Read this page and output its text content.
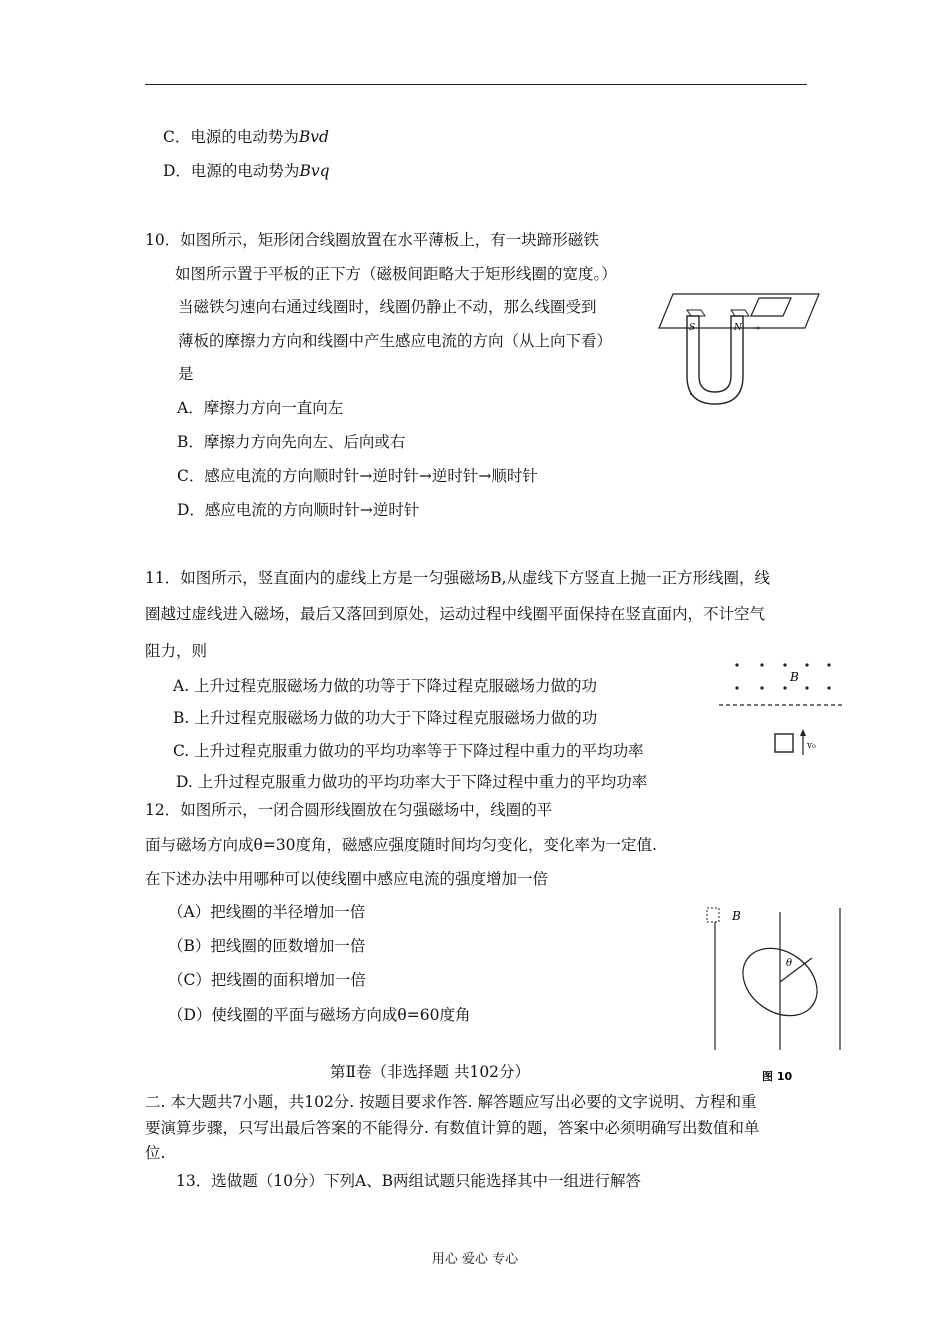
C．电源的电动势为Bvd
D．电源的电动势为Bvq
10．如图所示，矩形闭合线圈放置在水平薄板上，有一块蹄形磁铁
如图所示置于平板的正下方（磁极间距略大于矩形线圈的宽度。）
当磁铁匀速向右通过线圈时，线圈仍静止不动，那么线圈受到
薄板的摩擦力方向和线圈中产生感应电流的方向（从上向下看）
是
A．摩擦力方向一直向左
B．摩擦力方向先向左、后向或右
C．感应电流的方向顺时针→逆时针→逆时针→顺时针
D．感应电流的方向顺时针→逆时针
S	N →
11．如图所示，竖直面内的虚线上方是一匀强磁场B,从虚线下方竖直上抛一正方形线圈，线
圈越过虚线进入磁场，最后又落回到原处，运动过程中线圈平面保持在竖直面内，不计空气
阻力，则
A. 上升过程克服磁场力做的功等于下降过程克服磁场力做的功
B. 上升过程克服磁场力做的功大于下降过程克服磁场力做的功
C. 上升过程克服重力做功的平均功率等于下降过程中重力的平均功率
D. 上升过程克服重力做功的平均功率大于下降过程中重力的平均功率
B
v₀
12．如图所示，一闭合圆形线圈放在匀强磁场中，线圈的平
面与磁场方向成θ=30度角，磁感应强度随时间均匀变化，变化率为一定值.
在下述办法中用哪种可以使线圈中感应电流的强度增加一倍
（A）把线圈的半径增加一倍
（B）把线圈的匝数增加一倍
（C）把线圈的面积增加一倍
（D）使线圈的平面与磁场方向成θ=60度角
B
θ
图 10
第Ⅱ卷（非选择题 共102分）
二. 本大题共7小题，共102分. 按题目要求作答. 解答题应写出必要的文字说明、方程和重
要演算步骤，只写出最后答案的不能得分. 有数值计算的题，答案中必须明确写出数值和单
位.
13．选做题（10分）下列A、B两组试题只能选择其中一组进行解答
用心 爱心 专心
